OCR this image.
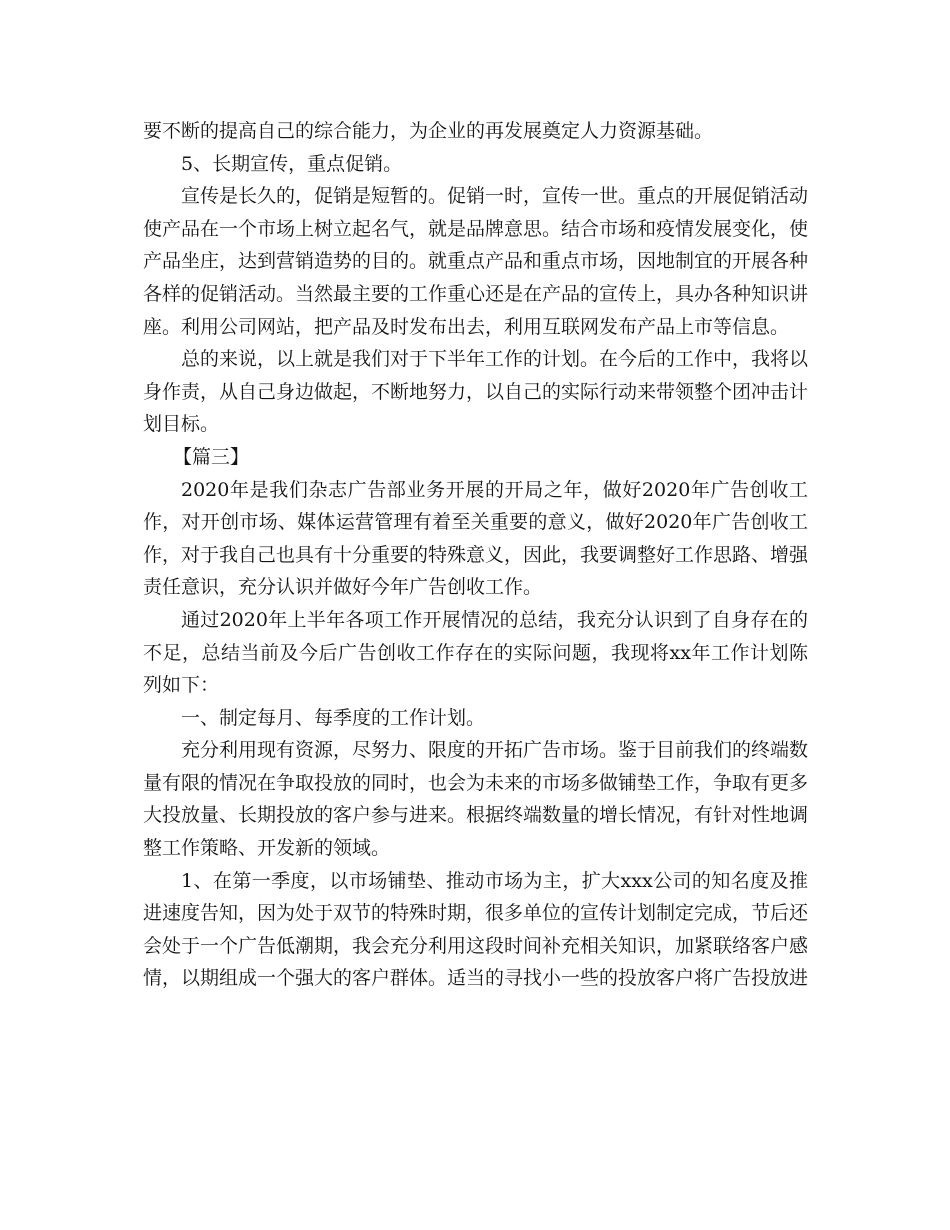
要不断的提高自己的综合能力，为企业的再发展奠定人力资源基础。

5、长期宣传，重点促销。

宣传是长久的，促销是短暂的。促销一时，宣传一世。重点的开展促销活动使产品在一个市场上树立起名气，就是品牌意思。结合市场和疫情发展变化，使产品坐庄，达到营销造势的目的。就重点产品和重点市场，因地制宜的开展各种各样的促销活动。当然最主要的工作重心还是在产品的宣传上，具办各种知识讲座。利用公司网站，把产品及时发布出去，利用互联网发布产品上市等信息。

总的来说，以上就是我们对于下半年工作的计划。在今后的工作中，我将以身作责，从自己身边做起，不断地努力，以自己的实际行动来带领整个团冲击计划目标。

【篇三】

2020年是我们杂志广告部业务开展的开局之年，做好2020年广告创收工作，对开创市场、媒体运营管理有着至关重要的意义，做好2020年广告创收工作，对于我自己也具有十分重要的特殊意义，因此，我要调整好工作思路、增强责任意识，充分认识并做好今年广告创收工作。

通过2020年上半年各项工作开展情况的总结，我充分认识到了自身存在的不足，总结当前及今后广告创收工作存在的实际问题，我现将xx年工作计划陈列如下：

一、制定每月、每季度的工作计划。

充分利用现有资源，尽努力、限度的开拓广告市场。鉴于目前我们的终端数量有限的情况在争取投放的同时，也会为未来的市场多做铺垫工作，争取有更多大投放量、长期投放的客户参与进来。根据终端数量的增长情况，有针对性地调整工作策略、开发新的领域。

1、在第一季度，以市场铺垫、推动市场为主，扩大xxx公司的知名度及推进速度告知，因为处于双节的特殊时期，很多单位的宣传计划制定完成，节后还会处于一个广告低潮期，我会充分利用这段时间补充相关知识，加紧联络客户感情，以期组成一个强大的客户群体。适当的寻找小一些的投放客户将广告投放进
